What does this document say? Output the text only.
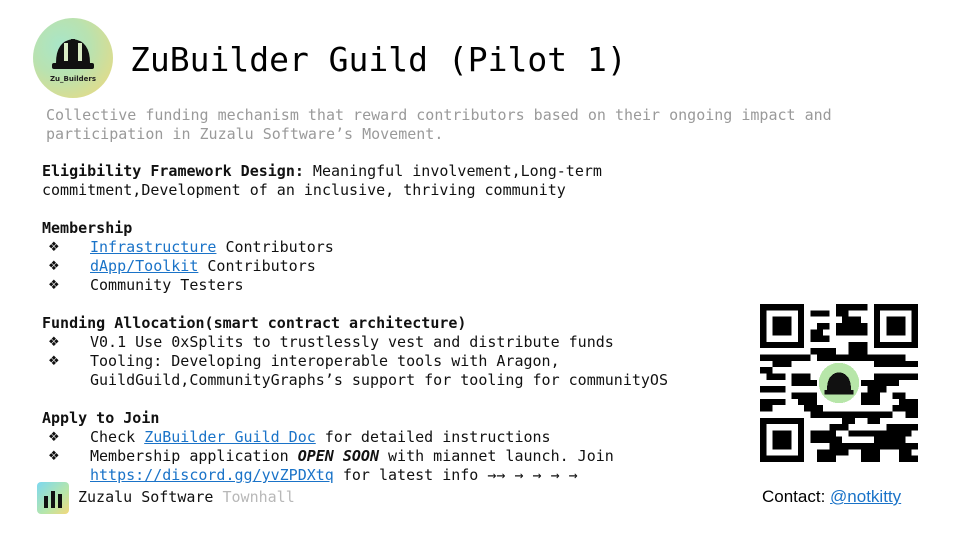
Zu_Builders ZuBuilder Guild (Pilot 1)
Collective funding mechanism that reward contributors based on their ongoing impact and participation in Zuzalu Software’s Movement.

Eligibility Framework Design: Meaningful involvement,Long-term commitment,Development of an inclusive, thriving community

Membership
❖	Infrastructure Contributors
❖	dApp/Toolkit Contributors
❖	Community Testers
Funding Allocation(smart contract architecture)
❖	V0.1 Use 0xSplits to trustlessly vest and distribute funds
❖	Tooling: Developing interoperable tools with Aragon, GuildGuild,CommunityGraphs’s support for tooling for communityOS
Apply to Join
❖	Check ZuBuilder Guild Doc for detailed instructions
❖	Membership application OPEN SOON with miannet launch. Join https://discord.gg/yvZPDXtq for latest info →→ → → → →
Contact: @notkitty
Zuzalu Software Townhall
